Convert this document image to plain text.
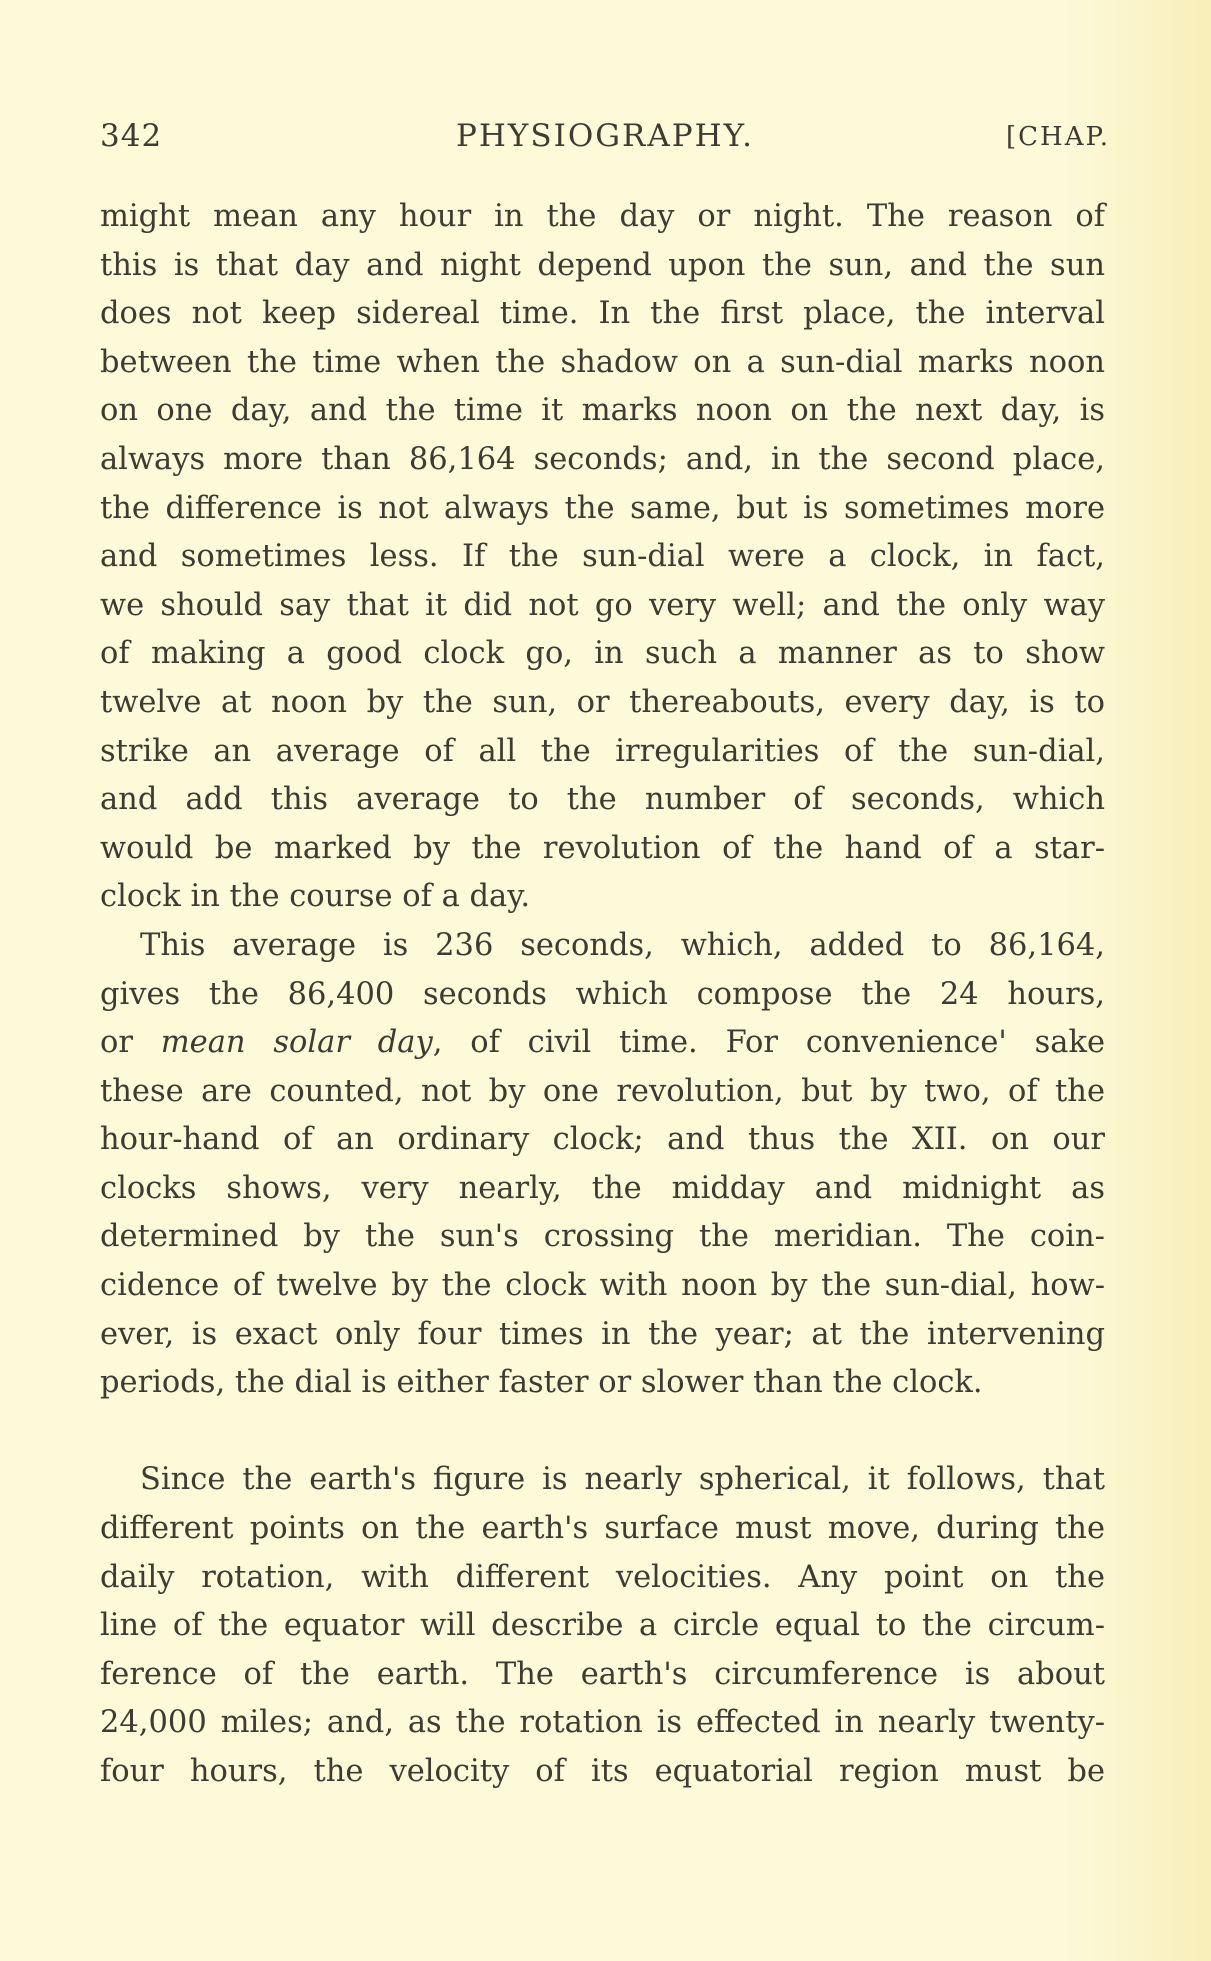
342	PHYSIOGRAPHY.	[CHAP.
might mean any hour in the day or night. The reason of
this is that day and night depend upon the sun, and the sun
does not keep sidereal time. In the first place, the interval
between the time when the shadow on a sun-dial marks noon
on one day, and the time it marks noon on the next day, is
always more than 86,164 seconds; and, in the second place,
the difference is not always the same, but is sometimes more
and sometimes less. If the sun-dial were a clock, in fact,
we should say that it did not go very well; and the only way
of making a good clock go, in such a manner as to show
twelve at noon by the sun, or thereabouts, every day, is to
strike an average of all the irregularities of the sun-dial,
and add this average to the number of seconds, which
would be marked by the revolution of the hand of a star-
clock in the course of a day.
This average is 236 seconds, which, added to 86,164,
gives the 86,400 seconds which compose the 24 hours,
or mean solar day, of civil time. For convenience' sake
these are counted, not by one revolution, but by two, of the
hour-hand of an ordinary clock; and thus the XII. on our
clocks shows, very nearly, the midday and midnight as
determined by the sun's crossing the meridian. The coin-
cidence of twelve by the clock with noon by the sun-dial, how-
ever, is exact only four times in the year; at the intervening
periods, the dial is either faster or slower than the clock.
Since the earth's figure is nearly spherical, it follows, that
different points on the earth's surface must move, during the
daily rotation, with different velocities. Any point on the
line of the equator will describe a circle equal to the circum-
ference of the earth. The earth's circumference is about
24,000 miles; and, as the rotation is effected in nearly twenty-
four hours, the velocity of its equatorial region must be
